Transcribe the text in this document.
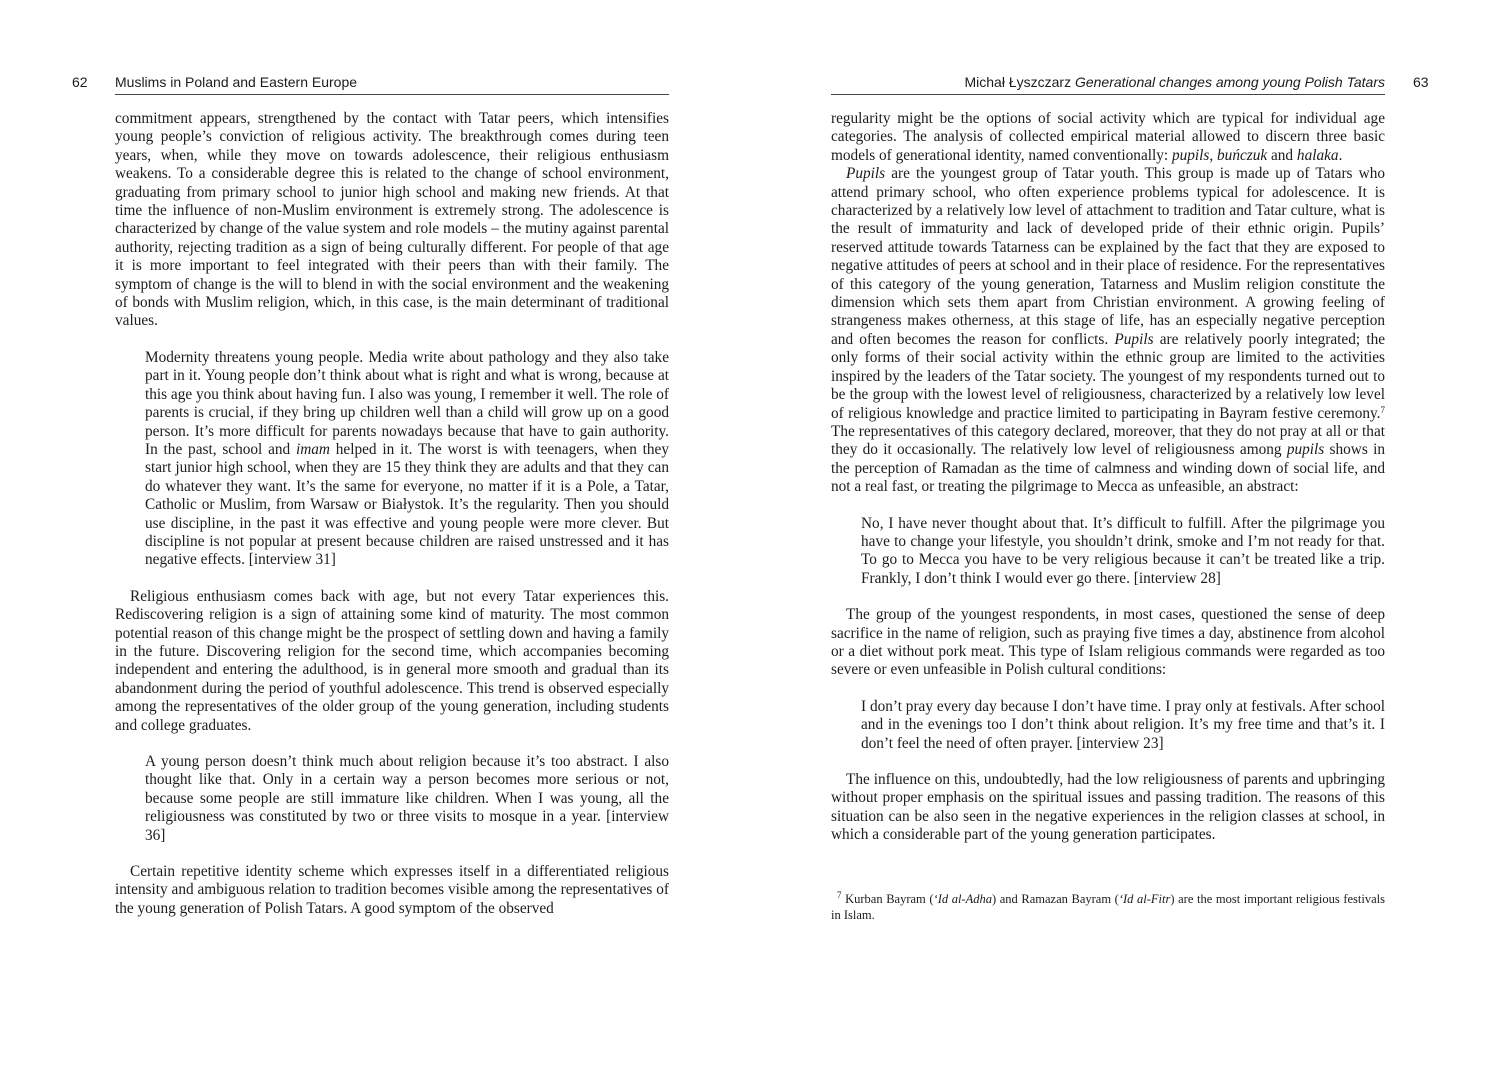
62 Muslims in Poland and Eastern Europe

commitment appears, strengthened by the contact with Tatar peers, which intensifies young people’s conviction of religious activity. The breakthrough comes during teen years, when, while they move on towards adolescence, their religious enthusiasm weakens. To a considerable degree this is related to the change of school environment, graduating from primary school to junior high school and making new friends. At that time the influence of non-Muslim environment is extremely strong. The adolescence is characterized by change of the value system and role models – the mutiny against parental authority, rejecting tradition as a sign of being culturally different. For people of that age it is more important to feel integrated with their peers than with their family. The symptom of change is the will to blend in with the social environment and the weakening of bonds with Muslim religion, which, in this case, is the main determinant of traditional values.

Modernity threatens young people. Media write about pathology and they also take part in it. Young people don’t think about what is right and what is wrong, because at this age you think about having fun. I also was young, I remember it well. The role of parents is crucial, if they bring up children well than a child will grow up on a good person. It’s more difficult for parents nowadays because that have to gain authority. In the past, school and imam helped in it. The worst is with teenagers, when they start junior high school, when they are 15 they think they are adults and that they can do whatever they want. It’s the same for everyone, no matter if it is a Pole, a Tatar, Catholic or Muslim, from Warsaw or Białystok. It’s the regularity. Then you should use discipline, in the past it was effective and young people were more clever. But discipline is not popular at present because children are raised unstressed and it has negative effects. [interview 31]

Religious enthusiasm comes back with age, but not every Tatar experiences this. Rediscovering religion is a sign of attaining some kind of maturity. The most common potential reason of this change might be the prospect of settling down and having a family in the future. Discovering religion for the second time, which accompanies becoming independent and entering the adulthood, is in general more smooth and gradual than its abandonment during the period of youthful adolescence. This trend is observed especially among the representatives of the older group of the young generation, including students and college graduates.

A young person doesn’t think much about religion because it’s too abstract. I also thought like that. Only in a certain way a person becomes more serious or not, because some people are still immature like children. When I was young, all the religiousness was constituted by two or three visits to mosque in a year. [interview 36]

Certain repetitive identity scheme which expresses itself in a differentiated religious intensity and ambiguous relation to tradition becomes visible among the representatives of the young generation of Polish Tatars. A good symptom of the observed

Michał Łyszczarz Generational changes among young Polish Tatars 63

regularity might be the options of social activity which are typical for individual age categories. The analysis of collected empirical material allowed to discern three basic models of generational identity, named conventionally: pupils, buńczuk and halaka.

Pupils are the youngest group of Tatar youth. This group is made up of Tatars who attend primary school, who often experience problems typical for adolescence. It is characterized by a relatively low level of attachment to tradition and Tatar culture, what is the result of immaturity and lack of developed pride of their ethnic origin. Pupils’ reserved attitude towards Tatarness can be explained by the fact that they are exposed to negative attitudes of peers at school and in their place of residence. For the representatives of this category of the young generation, Tatarness and Muslim religion constitute the dimension which sets them apart from Christian environment. A growing feeling of strangeness makes otherness, at this stage of life, has an especially negative perception and often becomes the reason for conflicts. Pupils are relatively poorly integrated; the only forms of their social activity within the ethnic group are limited to the activities inspired by the leaders of the Tatar society. The youngest of my respondents turned out to be the group with the lowest level of religiousness, characterized by a relatively low level of religious knowledge and practice limited to participating in Bayram festive ceremony.$^7$ The representatives of this category declared, moreover, that they do not pray at all or that they do it occasionally. The relatively low level of religiousness among pupils shows in the perception of Ramadan as the time of calmness and winding down of social life, and not a real fast, or treating the pilgrimage to Mecca as unfeasible, an abstract:

No, I have never thought about that. It’s difficult to fulfill. After the pilgrimage you have to change your lifestyle, you shouldn’t drink, smoke and I’m not ready for that. To go to Mecca you have to be very religious because it can’t be treated like a trip. Frankly, I don’t think I would ever go there. [interview 28]

The group of the youngest respondents, in most cases, questioned the sense of deep sacrifice in the name of religion, such as praying five times a day, abstinence from alcohol or a diet without pork meat. This type of Islam religious commands were regarded as too severe or even unfeasible in Polish cultural conditions:

I don’t pray every day because I don’t have time. I pray only at festivals. After school and in the evenings too I don’t think about religion. It’s my free time and that’s it. I don’t feel the need of often prayer. [interview 23]

The influence on this, undoubtedly, had the low religiousness of parents and upbringing without proper emphasis on the spiritual issues and passing tradition. The reasons of this situation can be also seen in the negative experiences in the religion classes at school, in which a considerable part of the young generation participates.

$^7$ Kurban Bayram (‘Id al-Adha) and Ramazan Bayram (‘Id al-Fitr) are the most important religious festivals in Islam.
